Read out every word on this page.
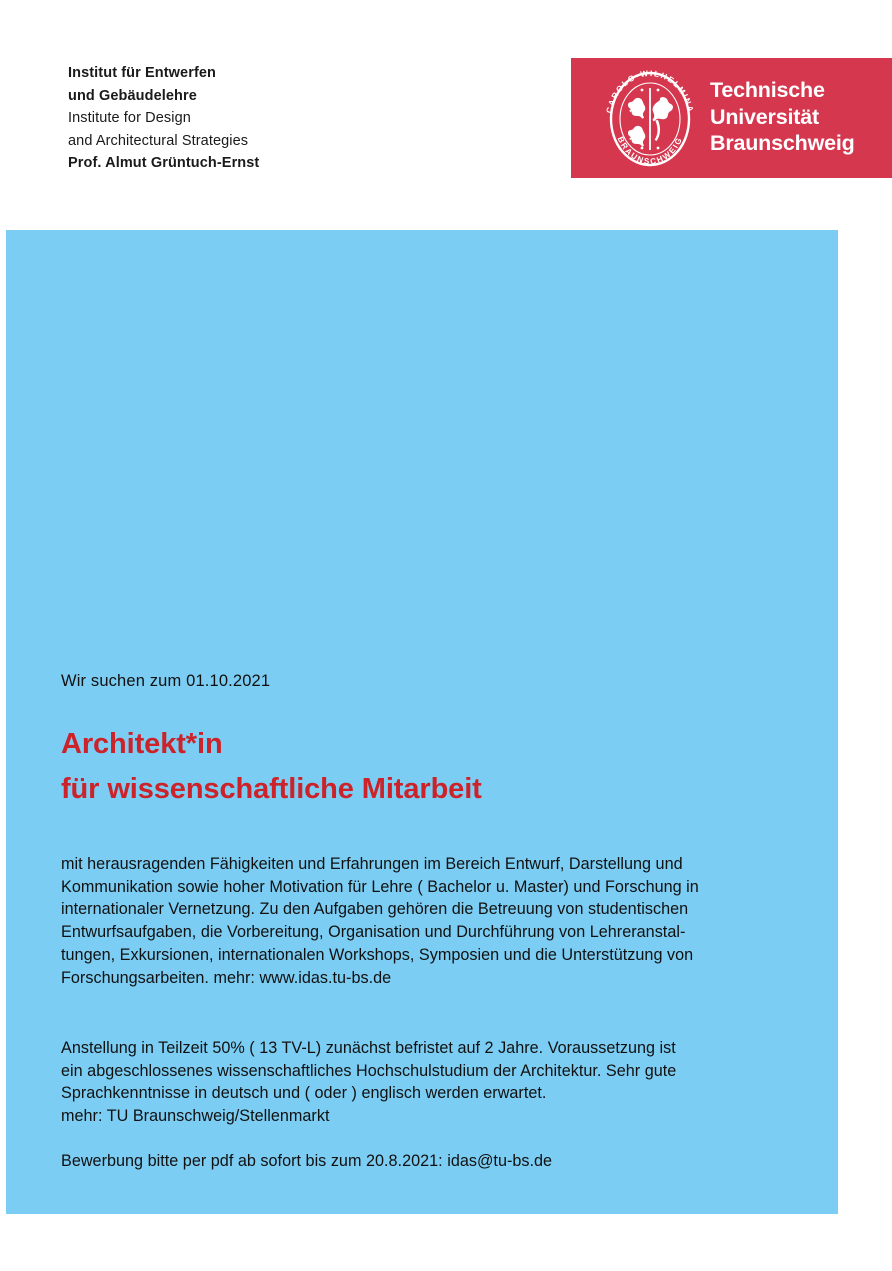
Institut für Entwerfen
und Gebäudelehre
Institute for Design
and Architectural Strategies
Prof. Almut Grüntuch-Ernst
CAROLO-WILHELMINA
BRAUNSCHWEIG
Technische
Universität
Braunschweig
Wir suchen zum 01.10.2021
Architekt*in
für wissenschaftliche Mitarbeit
mit herausragenden Fähigkeiten und Erfahrungen im Bereich Entwurf, Darstellung und
Kommunikation sowie hoher Motivation für Lehre ( Bachelor u. Master) und Forschung in
internationaler Vernetzung. Zu den Aufgaben gehören die Betreuung von studentischen
Entwurfsaufgaben, die Vorbereitung, Organisation und Durchführung von Lehreranstal-
tungen, Exkursionen, internationalen Workshops, Symposien und die Unterstützung von
Forschungsarbeiten. mehr: www.idas.tu-bs.de
Anstellung in Teilzeit 50% ( 13 TV-L) zunächst befristet auf 2 Jahre. Voraussetzung ist
ein abgeschlossenes wissenschaftliches Hochschulstudium der Architektur. Sehr gute
Sprachkenntnisse in deutsch und ( oder ) englisch werden erwartet.
mehr: TU Braunschweig/Stellenmarkt
Bewerbung bitte per pdf ab sofort bis zum 20.8.2021: idas@tu-bs.de
